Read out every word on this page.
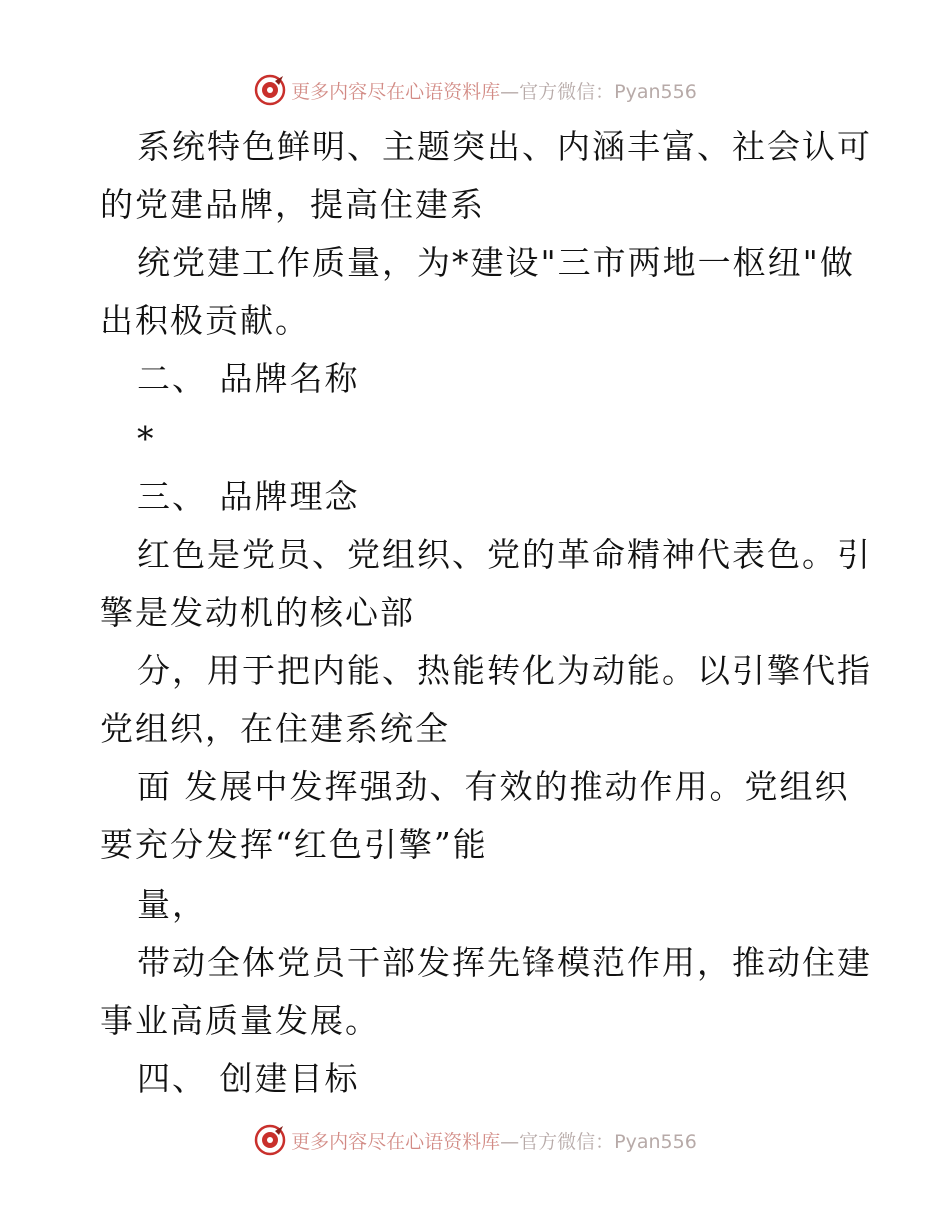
更多内容尽在心语资料库 —官方微信：Pyan556
系统特色鲜明、主题突出、内涵丰富、社会认可
的党建品牌，提高住建系
统党建工作质量，为*建设"三市两地一枢纽"做
出积极贡献。
二、 品牌名称
*
三、 品牌理念
红色是党员、党组织、党的革命精神代表色。引
擎是发动机的核心部
分，用于把内能、热能转化为动能。以引擎代指
党组织，在住建系统全
面 发展中发挥强劲、有效的推动作用。党组织
要充分发挥“红色引擎”能
量，
带动全体党员干部发挥先锋模范作用，推动住建
事业高质量发展。
四、 创建目标
更多内容尽在心语资料库 —官方微信：Pyan556
